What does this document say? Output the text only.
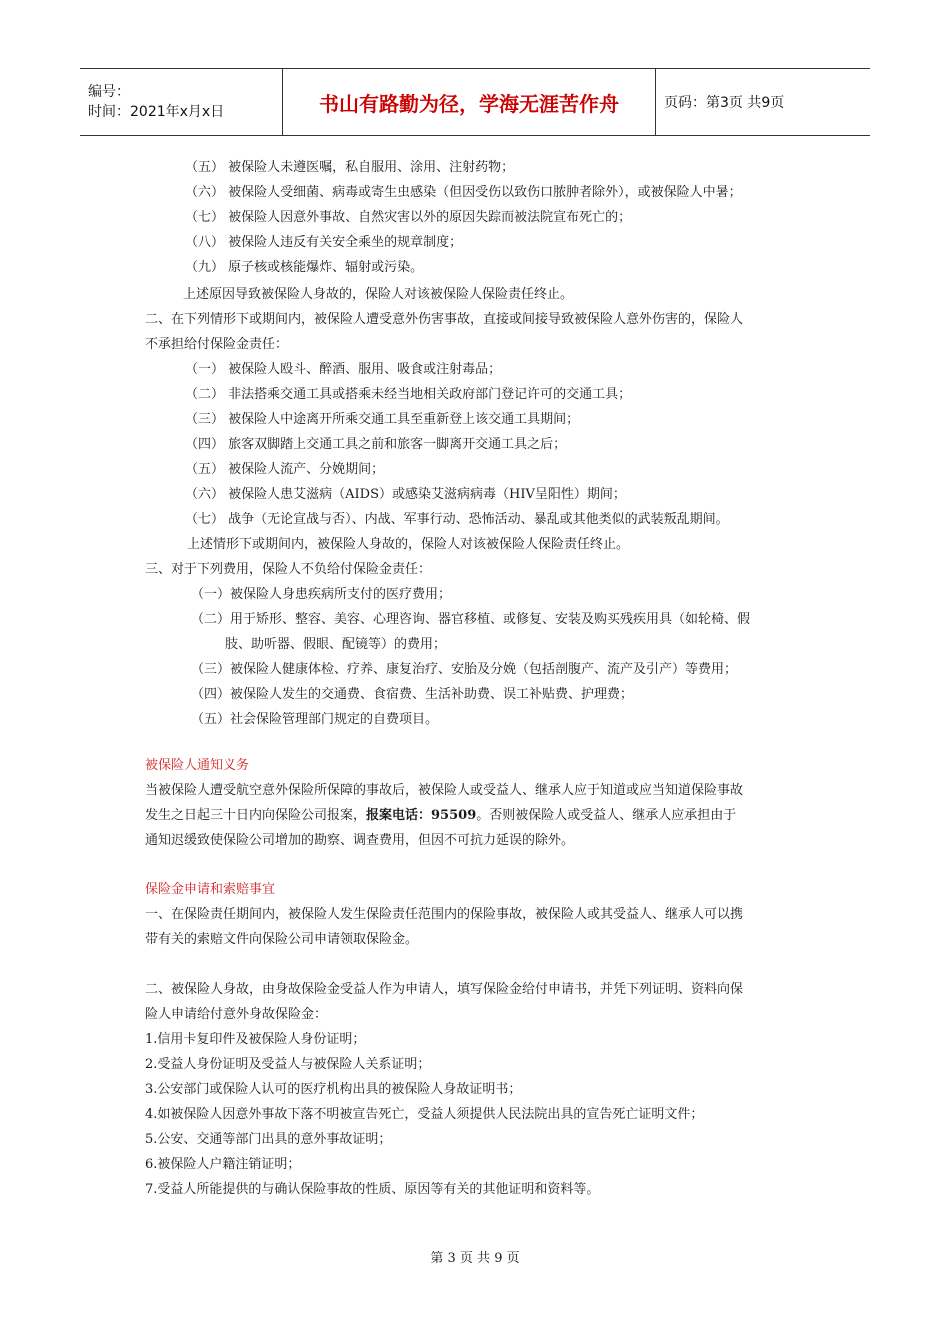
编号：
时间：2021年x月x日	书山有路勤为径，学海无涯苦作舟	页码：第3页 共9页
（五） 被保险人未遵医嘱，私自服用、涂用、注射药物；
（六） 被保险人受细菌、病毒或寄生虫感染（但因受伤以致伤口脓肿者除外），或被保险人中暑；
（七） 被保险人因意外事故、自然灾害以外的原因失踪而被法院宣布死亡的；
（八） 被保险人违反有关安全乘坐的规章制度；
（九） 原子核或核能爆炸、辐射或污染。
上述原因导致被保险人身故的，保险人对该被保险人保险责任终止。
二、在下列情形下或期间内，被保险人遭受意外伤害事故，直接或间接导致被保险人意外伤害的，保险人
不承担给付保险金责任：
（一） 被保险人殴斗、醉酒、服用、吸食或注射毒品；
（二） 非法搭乘交通工具或搭乘未经当地相关政府部门登记许可的交通工具；
（三） 被保险人中途离开所乘交通工具至重新登上该交通工具期间；
（四） 旅客双脚踏上交通工具之前和旅客一脚离开交通工具之后；
（五） 被保险人流产、分娩期间；
（六） 被保险人患艾滋病（AIDS）或感染艾滋病病毒（HIV呈阳性）期间；
（七） 战争（无论宣战与否）、内战、军事行动、恐怖活动、暴乱或其他类似的武装叛乱期间。
上述情形下或期间内，被保险人身故的，保险人对该被保险人保险责任终止。
三、对于下列费用，保险人不负给付保险金责任：
（一）被保险人身患疾病所支付的医疗费用；
（二）用于矫形、整容、美容、心理咨询、器官移植、或修复、安装及购买残疾用具（如轮椅、假
肢、助听器、假眼、配镜等）的费用；
（三）被保险人健康体检、疗养、康复治疗、安胎及分娩（包括剖腹产、流产及引产）等费用；
（四）被保险人发生的交通费、食宿费、生活补助费、误工补贴费、护理费；
（五）社会保险管理部门规定的自费项目。
被保险人通知义务
当被保险人遭受航空意外保险所保障的事故后，被保险人或受益人、继承人应于知道或应当知道保险事故
发生之日起三十日内向保险公司报案，报案电话：95509。否则被保险人或受益人、继承人应承担由于
通知迟缓致使保险公司增加的勘察、调查费用，但因不可抗力延误的除外。
保险金申请和索赔事宜
一、在保险责任期间内，被保险人发生保险责任范围内的保险事故，被保险人或其受益人、继承人可以携
带有关的索赔文件向保险公司申请领取保险金。
二、被保险人身故，由身故保险金受益人作为申请人，填写保险金给付申请书，并凭下列证明、资料向保
险人申请给付意外身故保险金：
1.信用卡复印件及被保险人身份证明；
2.受益人身份证明及受益人与被保险人关系证明；
3.公安部门或保险人认可的医疗机构出具的被保险人身故证明书；
4.如被保险人因意外事故下落不明被宣告死亡，受益人须提供人民法院出具的宣告死亡证明文件；
5.公安、交通等部门出具的意外事故证明；
6.被保险人户籍注销证明；
7.受益人所能提供的与确认保险事故的性质、原因等有关的其他证明和资料等。
第 3 页 共 9 页
